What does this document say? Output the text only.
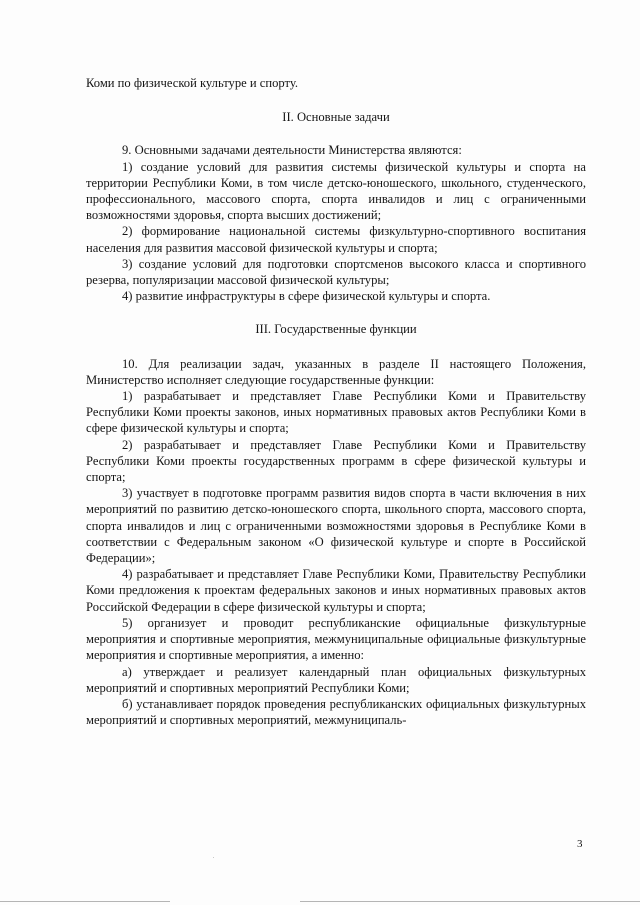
Коми по физической культуре и спорту.

II. Основные задачи

9. Основными задачами деятельности Министерства являются:

1) создание условий для развития системы физической культуры и спорта на территории Республики Коми, в том числе детско-юношеского, школьного, студенческого, профессионального, массового спорта, спорта инвалидов и лиц с ограниченными возможностями здоровья, спорта высших достижений;

2) формирование национальной системы физкультурно-спортивного воспитания населения для развития массовой физической культуры и спорта;

3) создание условий для подготовки спортсменов высокого класса и спортивного резерва, популяризации массовой физической культуры;

4) развитие инфраструктуры в сфере физической культуры и спорта.

III. Государственные функции

10. Для реализации задач, указанных в разделе II настоящего Положения, Министерство исполняет следующие государственные функции:

1) разрабатывает и представляет Главе Республики Коми и Правительству Республики Коми проекты законов, иных нормативных правовых актов Республики Коми в сфере физической культуры и спорта;

2) разрабатывает и представляет Главе Республики Коми и Правительству Республики Коми проекты государственных программ в сфере физической культуры и спорта;

3) участвует в подготовке программ развития видов спорта в части включения в них мероприятий по развитию детско-юношеского спорта, школьного спорта, массового спорта, спорта инвалидов и лиц с ограниченными возможностями здоровья в Республике Коми в соответствии с Федеральным законом «О физической культуре и спорте в Российской Федерации»;

4) разрабатывает и представляет Главе Республики Коми, Правительству Республики Коми предложения к проектам федеральных законов и иных нормативных правовых актов Российской Федерации в сфере физической культуры и спорта;

5) организует и проводит республиканские официальные физкультурные мероприятия и спортивные мероприятия, межмуниципальные официальные физкультурные мероприятия и спортивные мероприятия, а именно:

а) утверждает и реализует календарный план официальных физкультурных мероприятий и спортивных мероприятий Республики Коми;

б) устанавливает порядок проведения республиканских официальных физкультурных мероприятий и спортивных мероприятий, межмуниципаль-

3
